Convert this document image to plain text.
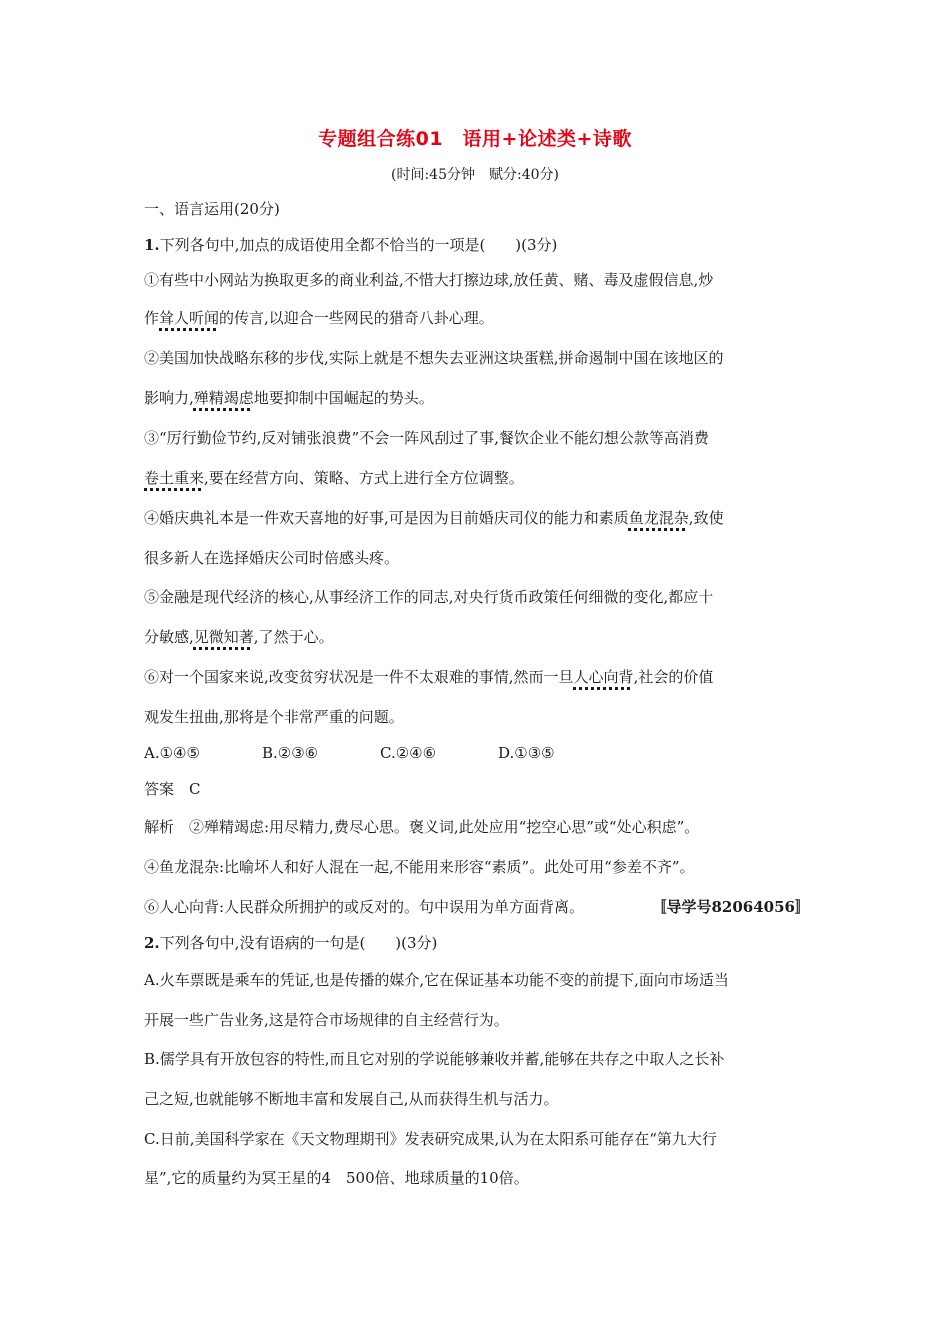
专题组合练01　语用+论述类+诗歌
(时间:45分钟　赋分:40分)
一、语言运用(20分)
1.下列各句中,加点的成语使用全都不恰当的一项是(　　)(3分)
①有些中小网站为换取更多的商业利益,不惜大打擦边球,放任黄、赌、毒及虚假信息,炒
作耸人听闻的传言,以迎合一些网民的猎奇八卦心理。
②美国加快战略东移的步伐,实际上就是不想失去亚洲这块蛋糕,拼命遏制中国在该地区的
影响力,殚精竭虑地要抑制中国崛起的势头。
③“厉行勤俭节约,反对铺张浪费”不会一阵风刮过了事,餐饮企业不能幻想公款等高消费
卷土重来,要在经营方向、策略、方式上进行全方位调整。
④婚庆典礼本是一件欢天喜地的好事,可是因为目前婚庆司仪的能力和素质鱼龙混杂,致使
很多新人在选择婚庆公司时倍感头疼。
⑤金融是现代经济的核心,从事经济工作的同志,对央行货币政策任何细微的变化,都应十
分敏感,见微知著,了然于心。
⑥对一个国家来说,改变贫穷状况是一件不太艰难的事情,然而一旦人心向背,社会的价值
观发生扭曲,那将是个非常严重的问题。
A.①④⑤	B.②③⑥	C.②④⑥	D.①③⑤
答案　C
解析　②殚精竭虑:用尽精力,费尽心思。褒义词,此处应用“挖空心思”或“处心积虑”。
④鱼龙混杂:比喻坏人和好人混在一起,不能用来形容“素质”。此处可用“参差不齐”。
⑥人心向背:人民群众所拥护的或反对的。句中误用为单方面背离。	〚导学号82064056〛
2.下列各句中,没有语病的一句是(　　)(3分)
A.火车票既是乘车的凭证,也是传播的媒介,它在保证基本功能不变的前提下,面向市场适当
开展一些广告业务,这是符合市场规律的自主经营行为。
B.儒学具有开放包容的特性,而且它对别的学说能够兼收并蓄,能够在共存之中取人之长补
己之短,也就能够不断地丰富和发展自己,从而获得生机与活力。
C.日前,美国科学家在《天文物理期刊》发表研究成果,认为在太阳系可能存在“第九大行
星”,它的质量约为冥王星的4　500倍、地球质量的10倍。
